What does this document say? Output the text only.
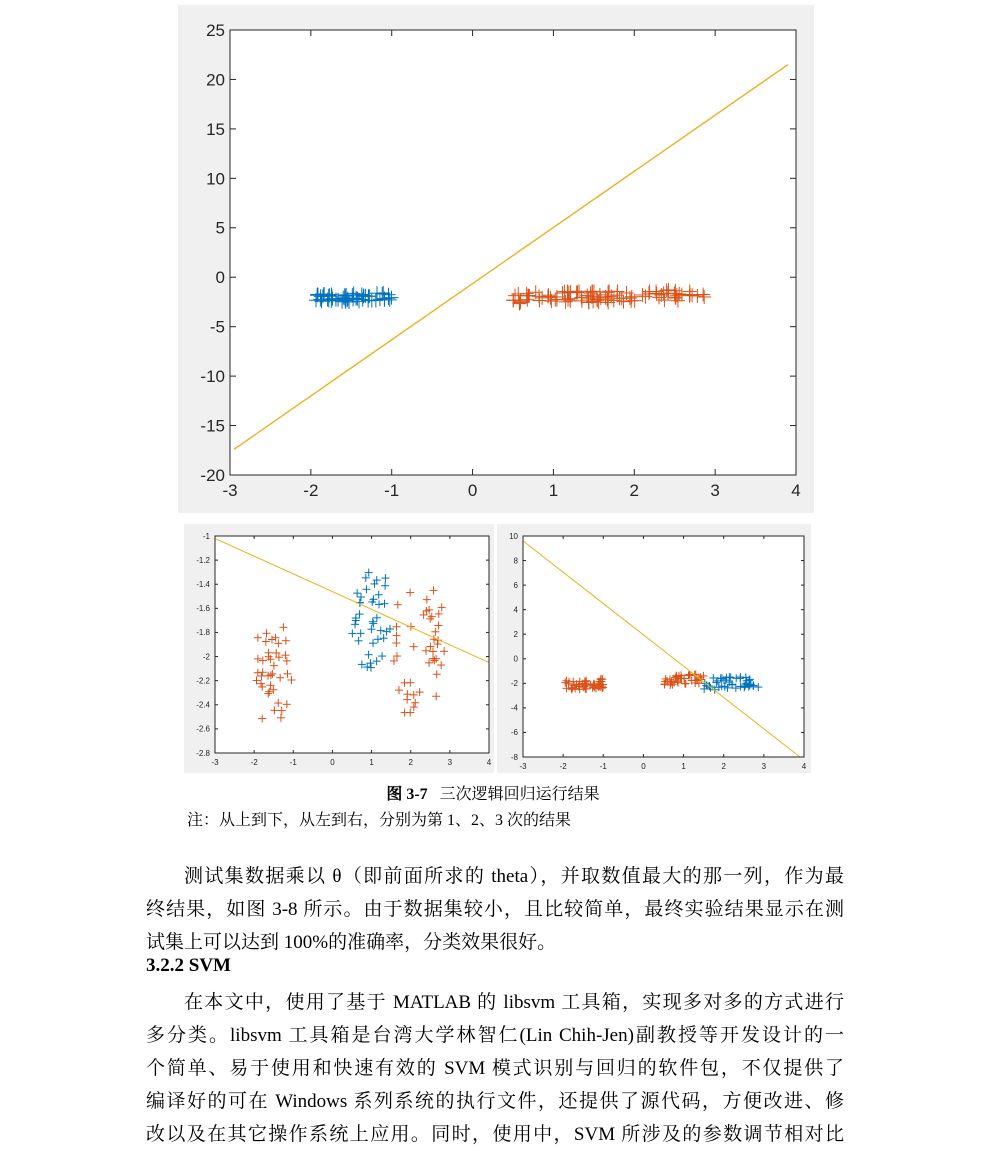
-3	-2	-1	0	1	2	3	4
-20
-15
-10
-5
0
5
10
15
20
25
-3	-2	-1	0	1	2	3	4
-2.8
-2.6
-2.4
-2.2
-2
-1.8
-1.6
-1.4
-1.2
-1
-3	-2	-1	0	1	2	3	4
-8
-6
-4
-2
0
2
4
6
8
10
图 3-7 三次逻辑回归运行结果
注：从上到下，从左到右，分别为第 1、2、3 次的结果
测试集数据乘以 θ（即前面所求的 theta），并取数值最大的那一列，作为最
终结果，如图 3-8 所示。由于数据集较小，且比较简单，最终实验结果显示在测
试集上可以达到 100%的准确率，分类效果很好。
3.2.2 SVM
在本文中，使用了基于 MATLAB 的 libsvm 工具箱，实现多对多的方式进行
多分类。libsvm 工具箱是台湾大学林智仁(Lin Chih-Jen)副教授等开发设计的一
个简单、易于使用和快速有效的 SVM 模式识别与回归的软件包，不仅提供了
编译好的可在 Windows 系列系统的执行文件，还提供了源代码，方便改进、修
改以及在其它操作系统上应用。同时，使用中，SVM 所涉及的参数调节相对比
